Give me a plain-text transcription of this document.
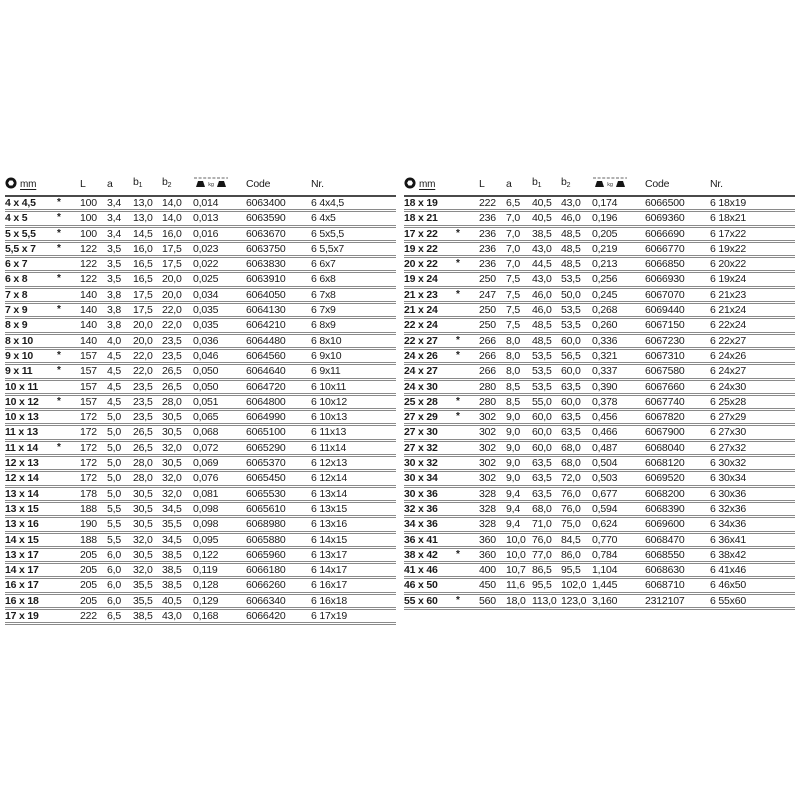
mm		L	a	$b_1$	$b_2$	kg	Code	Nr.
4 x 4,5	*	100	3,4	13,0	14,0	0,014	6063400	6 4x4,5
4 x 5	*	100	3,4	13,0	14,0	0,013	6063590	6 4x5
5 x 5,5	*	100	3,4	14,5	16,0	0,016	6063670	6 5x5,5
5,5 x 7	*	122	3,5	16,0	17,5	0,023	6063750	6 5,5x7
6 x 7		122	3,5	16,5	17,5	0,022	6063830	6 6x7
6 x 8	*	122	3,5	16,5	20,0	0,025	6063910	6 6x8
7 x 8		140	3,8	17,5	20,0	0,034	6064050	6 7x8
7 x 9	*	140	3,8	17,5	22,0	0,035	6064130	6 7x9
8 x 9		140	3,8	20,0	22,0	0,035	6064210	6 8x9
8 x 10		140	4,0	20,0	23,5	0,036	6064480	6 8x10
9 x 10	*	157	4,5	22,0	23,5	0,046	6064560	6 9x10
9 x 11	*	157	4,5	22,0	26,5	0,050	6064640	6 9x11
10 x 11		157	4,5	23,5	26,5	0,050	6064720	6 10x11
10 x 12	*	157	4,5	23,5	28,0	0,051	6064800	6 10x12
10 x 13		172	5,0	23,5	30,5	0,065	6064990	6 10x13
11 x 13		172	5,0	26,5	30,5	0,068	6065100	6 11x13
11 x 14	*	172	5,0	26,5	32,0	0,072	6065290	6 11x14
12 x 13		172	5,0	28,0	30,5	0,069	6065370	6 12x13
12 x 14		172	5,0	28,0	32,0	0,076	6065450	6 12x14
13 x 14		178	5,0	30,5	32,0	0,081	6065530	6 13x14
13 x 15		188	5,5	30,5	34,5	0,098	6065610	6 13x15
13 x 16		190	5,5	30,5	35,5	0,098	6068980	6 13x16
14 x 15		188	5,5	32,0	34,5	0,095	6065880	6 14x15
13 x 17		205	6,0	30,5	38,5	0,122	6065960	6 13x17
14 x 17		205	6,0	32,0	38,5	0,119	6066180	6 14x17
16 x 17		205	6,0	35,5	38,5	0,128	6066260	6 16x17
16 x 18		205	6,0	35,5	40,5	0,129	6066340	6 16x18
17 x 19		222	6,5	38,5	43,0	0,168	6066420	6 17x19
mm		L	a	$b_1$	$b_2$	kg	Code	Nr.
18 x 19		222	6,5	40,5	43,0	0,174	6066500	6 18x19
18 x 21		236	7,0	40,5	46,0	0,196	6069360	6 18x21
17 x 22	*	236	7,0	38,5	48,5	0,205	6066690	6 17x22
19 x 22		236	7,0	43,0	48,5	0,219	6066770	6 19x22
20 x 22	*	236	7,0	44,5	48,5	0,213	6066850	6 20x22
19 x 24		250	7,5	43,0	53,5	0,256	6066930	6 19x24
21 x 23	*	247	7,5	46,0	50,0	0,245	6067070	6 21x23
21 x 24		250	7,5	46,0	53,5	0,268	6069440	6 21x24
22 x 24		250	7,5	48,5	53,5	0,260	6067150	6 22x24
22 x 27	*	266	8,0	48,5	60,0	0,336	6067230	6 22x27
24 x 26	*	266	8,0	53,5	56,5	0,321	6067310	6 24x26
24 x 27		266	8,0	53,5	60,0	0,337	6067580	6 24x27
24 x 30		280	8,5	53,5	63,5	0,390	6067660	6 24x30
25 x 28	*	280	8,5	55,0	60,0	0,378	6067740	6 25x28
27 x 29	*	302	9,0	60,0	63,5	0,456	6067820	6 27x29
27 x 30		302	9,0	60,0	63,5	0,466	6067900	6 27x30
27 x 32		302	9,0	60,0	68,0	0,487	6068040	6 27x32
30 x 32		302	9,0	63,5	68,0	0,504	6068120	6 30x32
30 x 34		302	9,0	63,5	72,0	0,503	6069520	6 30x34
30 x 36		328	9,4	63,5	76,0	0,677	6068200	6 30x36
32 x 36		328	9,4	68,0	76,0	0,594	6068390	6 32x36
34 x 36		328	9,4	71,0	75,0	0,624	6069600	6 34x36
36 x 41		360	10,0	76,0	84,5	0,770	6068470	6 36x41
38 x 42	*	360	10,0	77,0	86,0	0,784	6068550	6 38x42
41 x 46		400	10,7	86,5	95,5	1,104	6068630	6 41x46
46 x 50		450	11,6	95,5	102,0	1,445	6068710	6 46x50
55 x 60	*	560	18,0	113,0	123,0	3,160	2312107	6 55x60
